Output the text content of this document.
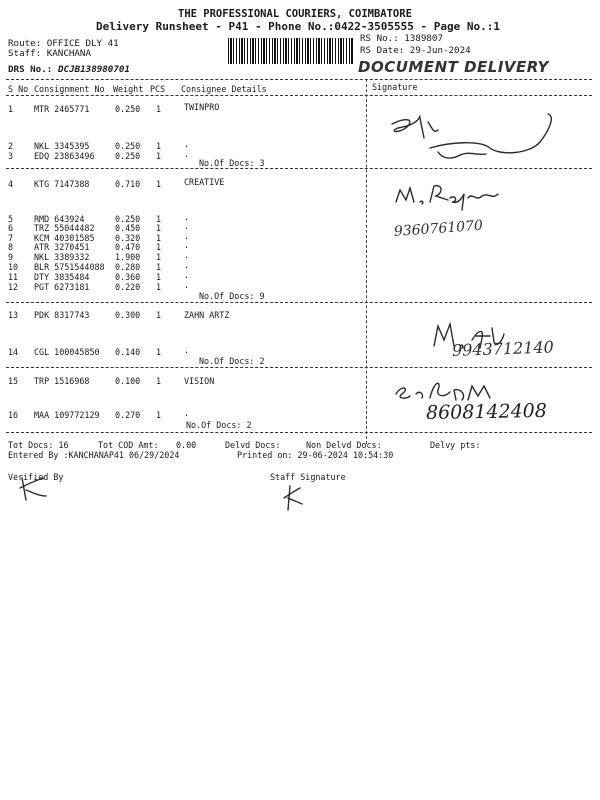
THE PROFESSIONAL COURIERS, COIMBATORE
Delivery Runsheet - P41 - Phone No.:0422-3505555 - Page No.:1
Route: OFFICE DLY 41
Staff: KANCHANA
RS No.: 1389807
RS Date: 29-Jun-2024
DRS No.: DCJB138980701	DOCUMENT DELIVERY
S No Consignment No Weight PCS Consignee Details	Signature
1 MTR 2465771	0.250 1	TWINPRO
2 NKL 3345395	0.250 1	.
3 EDQ 23863496 0.250 1	.
No.Of Docs: 3
4 KTG 7147388	0.710 1	CREATIVE
5 RMD 643924	0.250 1	.
6 TRZ 55044482 0.450 1	.
7 KCM 40301585 0.320 1	.
8 ATR 3270451	0.470 1	.
9 NKL 3389332	1.900 1	.
10 BLR 5751544088 0.280 1	.
11 DTY 3835484	0.360 1	.
12 PGT 6273181	0.220 1	.
No.Of Docs: 9
13 PDK 8317743	0.300 1	ZAHN ARTZ
14 CGL 100045850 0.140 1	.
No.Of Docs: 2
15 TRP 1516968	0.100 1	VISION
16 MAA 109772129 0.270 1	.
No.Of Docs: 2
9360761070
9943712140
8608142408
Tot Docs: 16	Tot COD Amt: 0.00	Delvd Docs:	Non Delvd Docs:	Delvy pts:
Entered By :KANCHANAP41 06/29/2024	Printed on: 29-06-2024 10:54:30
Verified By	Staff Signature
